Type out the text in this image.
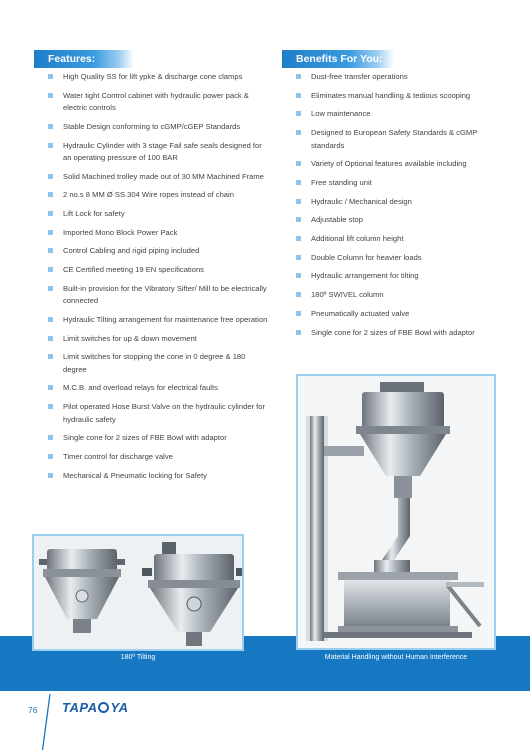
Features:	Benefits For You:
High Quality SS for lift ypke & discharge cone clamps
Water tight Control cabinet with hydraulic power pack & electric controls
Stable Design conforming to cGMP/cGEP Standards
Hydraulic Cylinder with 3 stage Fail safe seals designed for an operating pressure of 100 BAR
Solid Machined trolley made out of 30 MM Machined Frame
2 no.s 8 MM Ø SS.304 Wire ropes instead of chain
Lift Lock for safety
Imported Mono Block Power Pack
Control Cabling and rigid piping included
CE Certified meeting 19 EN specifications
Built-in provision for the Vibratory Sifter/ Mill to be electrically connected
Hydraulic Tilting arrangement for maintenance free operation
Limit switches for up & down movement
Limit switches for stopping the cone in 0 degree & 180 degree
M.C.B. and overload relays for electrical faults
Pilot operated Hose Burst Valve on the hydraulic cylinder for hydraulic safety
Single cone for 2 sizes of FBE Bowl with adaptor
Timer control for discharge valve
Mechanical & Pneumatic locking for Safety
Dust-free transfer operations
Eliminates manual handling & tedious scooping
Low maintenance
Designed to European Safety Standards & cGMP standards
Variety of Optional features available including
Free standing unit
Hydraulic / Mechanical design
Adjustable stop
Additional lift column height
Double Column for heavier loads
Hydraulic arrangement for tilting
180º SWIVEL column
Pneumatically actuated valve
Single cone for 2 sizes of FBE Bowl with adaptor
180º Tilting	Material Handling without Human Interference
76 TAPA YA
